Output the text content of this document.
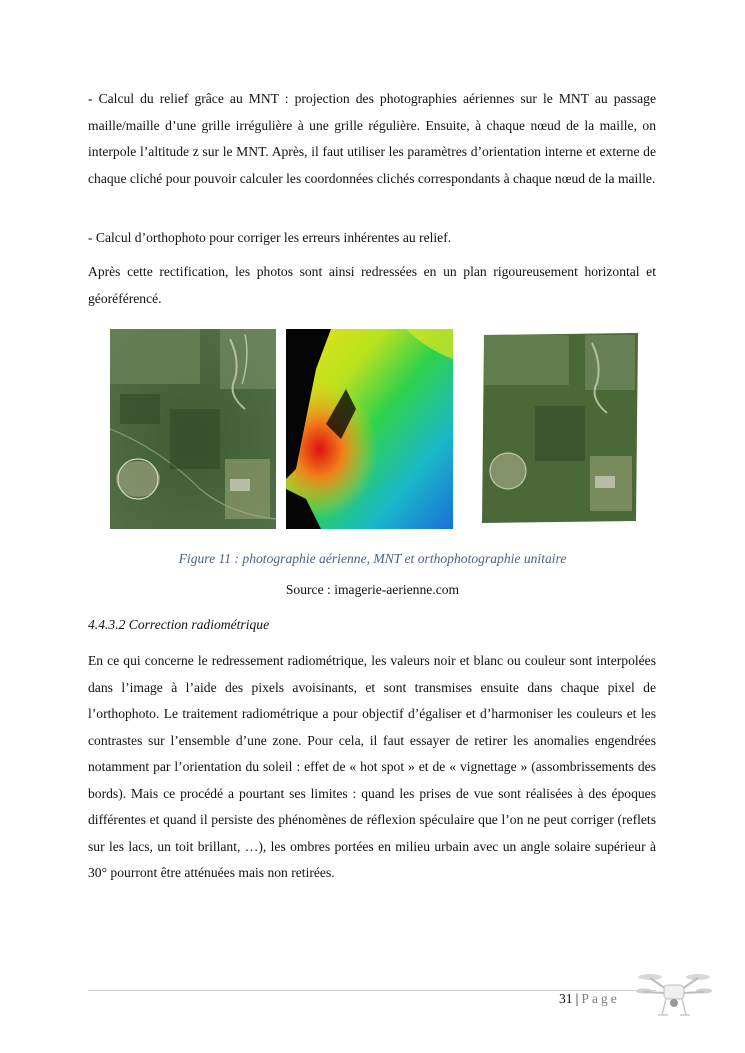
- Calcul du relief grâce au MNT : projection des photographies aériennes sur le MNT au passage maille/maille d’une grille irrégulière à une grille régulière. Ensuite, à chaque nœud de la maille, on interpole l’altitude z sur le MNT. Après, il faut utiliser les paramètres d’orientation interne et externe de chaque cliché pour pouvoir calculer les coordonnées clichés correspondants à chaque nœud de la maille.

- Calcul d’orthophoto pour corriger les erreurs inhérentes au relief.

Après cette rectification, les photos sont ainsi redressées en un plan rigoureusement horizontal et géoréférencé.

Figure 11 : photographie aérienne, MNT et orthophotographie unitaire
Source : imagerie-aerienne.com
4.4.3.2 Correction radiométrique

En ce qui concerne le redressement radiométrique, les valeurs noir et blanc ou couleur sont interpolées dans l’image à l’aide des pixels avoisinants, et sont transmises ensuite dans chaque pixel de l’orthophoto. Le traitement radiométrique a pour objectif d’égaliser et d’harmoniser les couleurs et les contrastes sur l’ensemble d’une zone. Pour cela, il faut essayer de retirer les anomalies engendrées notamment par l’orientation du soleil : effet de « hot spot » et de « vignettage » (assombrissements des bords). Mais ce procédé a pourtant ses limites : quand les prises de vue sont réalisées à des époques différentes et quand il persiste des phénomènes de réflexion spéculaire que l’on ne peut corriger (reflets sur les lacs, un toit brillant, …), les ombres portées en milieu urbain avec un angle solaire supérieur à 30° pourront être atténuées mais non retirées.

31 | Page
